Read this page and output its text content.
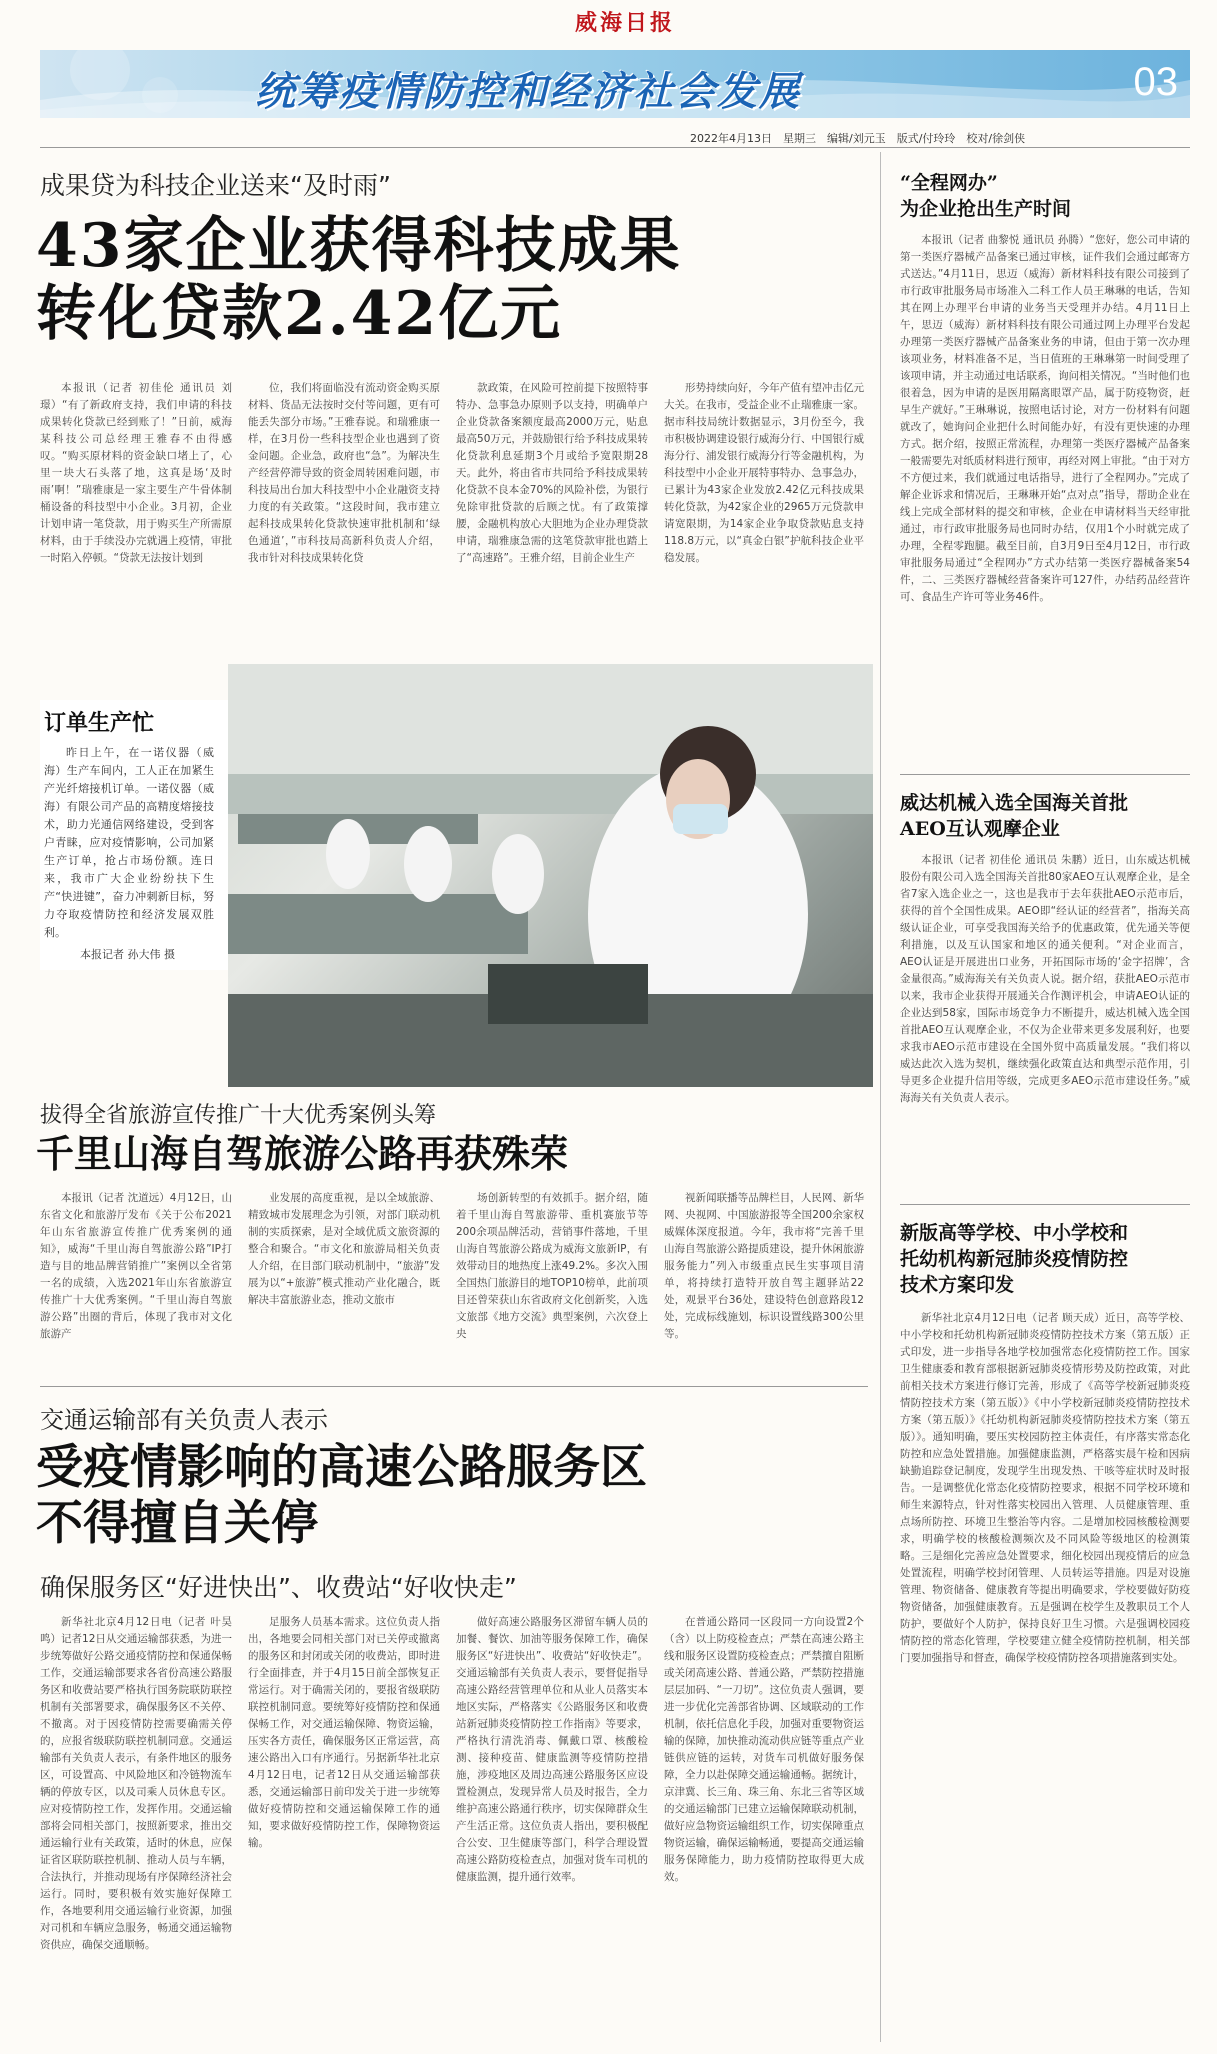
威海日报
统筹疫情防控和经济社会发展	03
2022年4月13日　星期三　编辑/刘元玉　版式/付玲玲　校对/徐剑侠
成果贷为科技企业送来“及时雨”
43家企业获得科技成果
转化贷款2.42亿元

本报讯（记者 初佳伦 通讯员 刘璟）“有了新政府支持，我们申请的科技成果转化贷款已经到账了！”日前，威海某科技公司总经理王雅春不由得感叹。“购买原材料的资金缺口堵上了，心里一块大石头落了地，这真是场‘及时雨’啊！”瑞雅康是一家主要生产牛骨体制桶设备的科技型中小企业。3月初，企业计划申请一笔贷款，用于购买生产所需原材料，由于手续没办完就遇上疫情，审批一时陷入停顿。“贷款无法按计划到

位，我们将面临没有流动资金购买原材料、货品无法按时交付等问题，更有可能丢失部分市场。”王雅春说。和瑞雅康一样，在3月份一些科技型企业也遇到了资金问题。企业急，政府也“急”。为解决生产经营停滞导致的资金周转困难问题，市科技局出台加大科技型中小企业融资支持力度的有关政策。“这段时间，我市建立起科技成果转化贷款快速审批机制和‘绿色通道’，”市科技局高新科负责人介绍，我市针对科技成果转化贷

款政策，在风险可控前提下按照特事特办、急事急办原则予以支持，明确单户企业贷款备案额度最高2000万元，贴息最高50万元，并鼓励银行给予科技成果转化贷款利息延期3个月或给予宽限期28天。此外，将由省市共同给予科技成果转化贷款不良本金70%的风险补偿，为银行免除审批贷款的后顾之忧。有了政策撑腰，金融机构放心大胆地为企业办理贷款申请，瑞雅康急需的这笔贷款审批也踏上了“高速路”。王雅介绍，目前企业生产

形势持续向好，今年产值有望冲击亿元大关。在我市，受益企业不止瑞雅康一家。据市科技局统计数据显示，3月份至今，我市积极协调建设银行威海分行、中国银行威海分行、浦发银行威海分行等金融机构，为科技型中小企业开展特事特办、急事急办，已累计为43家企业发放2.42亿元科技成果转化贷款，为42家企业的2965万元贷款申请宽限期，为14家企业争取贷款贴息支持118.8万元，以“真金白银”护航科技企业平稳发展。

订单生产忙
昨日上午，在一诺仪器（威海）生产车间内，工人正在加紧生产光纤熔接机订单。一诺仪器（威海）有限公司产品的高精度熔接技术，助力光通信网络建设，受到客户青睐，应对疫情影响，公司加紧生产订单，抢占市场份额。连日来，我市广大企业纷纷扶下生产“快进键”，奋力冲刺新目标，努力夺取疫情防控和经济发展双胜利。
本报记者 孙大伟 摄
拔得全省旅游宣传推广十大优秀案例头筹
千里山海自驾旅游公路再获殊荣

本报讯（记者 沈道远）4月12日，山东省文化和旅游厅发布《关于公布2021年山东省旅游宣传推广优秀案例的通知》，威海“千里山海自驾旅游公路”IP打造与目的地品牌营销推广”案例以全省第一名的成绩，入选2021年山东省旅游宣传推广十大优秀案例。“千里山海自驾旅游公路”出圈的背后，体现了我市对文化旅游产

业发展的高度重视，是以全域旅游、精致城市发展理念为引领，对部门联动机制的实质探索，是对全域优质文旅资源的整合和聚合。“市文化和旅游局相关负责人介绍，在目部门联动机制中，“旅游”发展为以“+旅游”模式推动产业化融合，既解决丰富旅游业态，推动文旅市

场创新转型的有效抓手。据介绍，随着千里山海自驾旅游带、重机赛旅节等200余项品牌活动，营销事件落地，千里山海自驾旅游公路成为威海文旅新IP，有效带动目的地热度上涨49.2%。多次入围全国热门旅游目的地TOP10榜单，此前项目还曾荣获山东省政府文化创新奖，入选文旅部《地方交流》典型案例，六次登上央

视新闻联播等品牌栏目，人民网、新华网、央视网、中国旅游报等全国200余家权威媒体深度报道。今年，我市将“完善千里山海自驾旅游公路提质建设，提升休闲旅游服务能力”列入市级重点民生实事项目清单，将持续打造特开放自驾主题驿站22处，观景平台36处，建设特色创意路段12处，完成标线施划，标识设置线路300公里等。

交通运输部有关负责人表示
受疫情影响的高速公路服务区
不得擅自关停
确保服务区“好进快出”、收费站“好收快走”

新华社北京4月12日电（记者 叶昊鸣）记者12日从交通运输部获悉，为进一步统筹做好公路交通疫情防控和保通保畅工作，交通运输部要求各省份高速公路服务区和收费站要严格执行国务院联防联控机制有关部署要求，确保服务区不关停、不撤离。对于因疫情防控需要确需关停的，应报省级联防联控机制同意。交通运输部有关负责人表示，有条件地区的服务区，可设置高、中风险地区和冷链物流车辆的停放专区，以及司乘人员休息专区。应对疫情防控工作，发挥作用。交通运输部将会同相关部门，按照新要求，推出交通运输行业有关政策，适时的休息，应保证省区联防联控机制、推动人员与车辆，合法执行，并推动现场有序保障经济社会运行。同时，要积极有效实施好保障工作，各地要利用交通运输行业资源，加强对司机和车辆应急服务，畅通交通运输物资供应，确保交通顺畅。

足服务人员基本需求。这位负责人指出，各地要会同相关部门对已关停或撤离的服务区和封闭或关闭的收费站，即时进行全面排查，并于4月15日前全部恢复正常运行。对于确需关闭的，要报省级联防联控机制同意。要统筹好疫情防控和保通保畅工作，对交通运输保障、物资运输，压实各方责任，确保服务区正常运营，高速公路出入口有序通行。另据新华社北京4月12日电，记者12日从交通运输部获悉，交通运输部日前印发关于进一步统筹做好疫情防控和交通运输保障工作的通知，要求做好疫情防控工作，保障物资运输。

做好高速公路服务区滞留车辆人员的加餐、餐饮、加油等服务保障工作，确保服务区“好进快出”、收费站“好收快走”。交通运输部有关负责人表示，要督促指导高速公路经营管理单位和从业人员落实本地区实际，严格落实《公路服务区和收费站新冠肺炎疫情防控工作指南》等要求，严格执行清洗消毒、佩戴口罩、核酸检测、接种疫苗、健康监测等疫情防控措施，涉疫地区及周边高速公路服务区应设置检测点，发现异常人员及时报告，全力维护高速公路通行秩序，切实保障群众生产生活正常。这位负责人指出，要积极配合公安、卫生健康等部门，科学合理设置高速公路防疫检查点，加强对货车司机的健康监测，提升通行效率。

在普通公路同一区段同一方向设置2个（含）以上防疫检查点；严禁在高速公路主线和服务区设置防疫检查点；严禁擅自阻断或关闭高速公路、普通公路，严禁防控措施层层加码、“一刀切”。这位负责人强调，要进一步优化完善部省协调、区域联动的工作机制，依托信息化手段，加强对重要物资运输的保障，加快推动流动供应链等重点产业链供应链的运转，对货车司机做好服务保障，全力以赴保障交通运输通畅。据统计，京津冀、长三角、珠三角、东北三省等区域的交通运输部门已建立运输保障联动机制，做好应急物资运输组织工作，切实保障重点物资运输，确保运输畅通，要提高交通运输服务保障能力，助力疫情防控取得更大成效。

“全程网办”
为企业抢出生产时间

本报讯（记者 曲黎悦 通讯员 孙腾）“您好，您公司申请的第一类医疗器械产品备案已通过审核，证件我们会通过邮寄方式送达。”4月11日，思迈（威海）新材料科技有限公司接到了市行政审批服务局市场准入二科工作人员王琳琳的电话，告知其在网上办理平台申请的业务当天受理并办结。4月11日上午，思迈（威海）新材料科技有限公司通过网上办理平台发起办理第一类医疗器械产品备案业务的申请，但由于第一次办理该项业务，材料准备不足，当日值班的王琳琳第一时间受理了该项申请，并主动通过电话联系，询问相关情况。“当时他们也很着急，因为申请的是医用隔离眼罩产品，属于防疫物资，赶早生产就好。”王琳琳说，按照电话讨论，对方一份材料有问题就改了，她询问企业把什么时间能办好，有没有更快速的办理方式。据介绍，按照正常流程，办理第一类医疗器械产品备案一般需要先对纸质材料进行预审，再经对网上审批。“由于对方不方便过来，我们就通过电话指导，进行了全程网办。”完成了解企业诉求和情况后，王琳琳开始“点对点”指导，帮助企业在线上完成全部材料的提交和审核，企业在申请材料当天经审批通过，市行政审批服务局也同时办结，仅用1个小时就完成了办理，全程零跑腿。截至目前，自3月9日至4月12日，市行政审批服务局通过“全程网办”方式办结第一类医疗器械备案54件，二、三类医疗器械经营备案许可127件，办结药品经营许可、食品生产许可等业务46件。

威达机械入选全国海关首批
AEO互认观摩企业

本报讯（记者 初佳伦 通讯员 朱鹏）近日，山东威达机械股份有限公司入选全国海关首批80家AEO互认观摩企业，是全省7家入选企业之一，这也是我市于去年获批AEO示范市后，获得的首个全国性成果。AEO即“经认证的经营者”，指海关高级认证企业，可享受我国海关给予的优惠政策，优先通关等便利措施，以及互认国家和地区的通关便利。“对企业而言，AEO认证是开展进出口业务，开拓国际市场的‘金字招牌’，含金量很高。”威海海关有关负责人说。据介绍，获批AEO示范市以来，我市企业获得开展通关合作测评机会，申请AEO认证的企业达到58家，国际市场竞争力不断提升，威达机械入选全国首批AEO互认观摩企业，不仅为企业带来更多发展利好，也要求我市AEO示范市建设在全国外贸中高质量发展。“我们将以威达此次入选为契机，继续强化政策直达和典型示范作用，引导更多企业提升信用等级，完成更多AEO示范市建设任务。”威海海关有关负责人表示。

新版高等学校、中小学校和
托幼机构新冠肺炎疫情防控
技术方案印发

新华社北京4月12日电（记者 顾天成）近日，高等学校、中小学校和托幼机构新冠肺炎疫情防控技术方案（第五版）正式印发，进一步指导各地学校加强常态化疫情防控工作。国家卫生健康委和教育部根据新冠肺炎疫情形势及防控政策，对此前相关技术方案进行修订完善，形成了《高等学校新冠肺炎疫情防控技术方案（第五版）》《中小学校新冠肺炎疫情防控技术方案（第五版）》《托幼机构新冠肺炎疫情防控技术方案（第五版）》。通知明确，要压实校园防控主体责任，有序落实常态化防控和应急处置措施。加强健康监测，严格落实晨午检和因病缺勤追踪登记制度，发现学生出现发热、干咳等症状时及时报告。一是调整优化常态化疫情防控要求，根据不同学校环境和师生来源特点，针对性落实校园出入管理、人员健康管理、重点场所防控、环境卫生整治等内容。二是增加校园核酸检测要求，明确学校的核酸检测频次及不同风险等级地区的检测策略。三是细化完善应急处置要求，细化校园出现疫情后的应急处置流程，明确学校封闭管理、人员转运等措施。四是对设施管理、物资储备、健康教育等提出明确要求，学校要做好防疫物资储备，加强健康教育。五是强调在校学生及教职员工个人防护，要做好个人防护，保持良好卫生习惯。六是强调校园疫情防控的常态化管理，学校要建立健全疫情防控机制，相关部门要加强指导和督查，确保学校疫情防控各项措施落到实处。
